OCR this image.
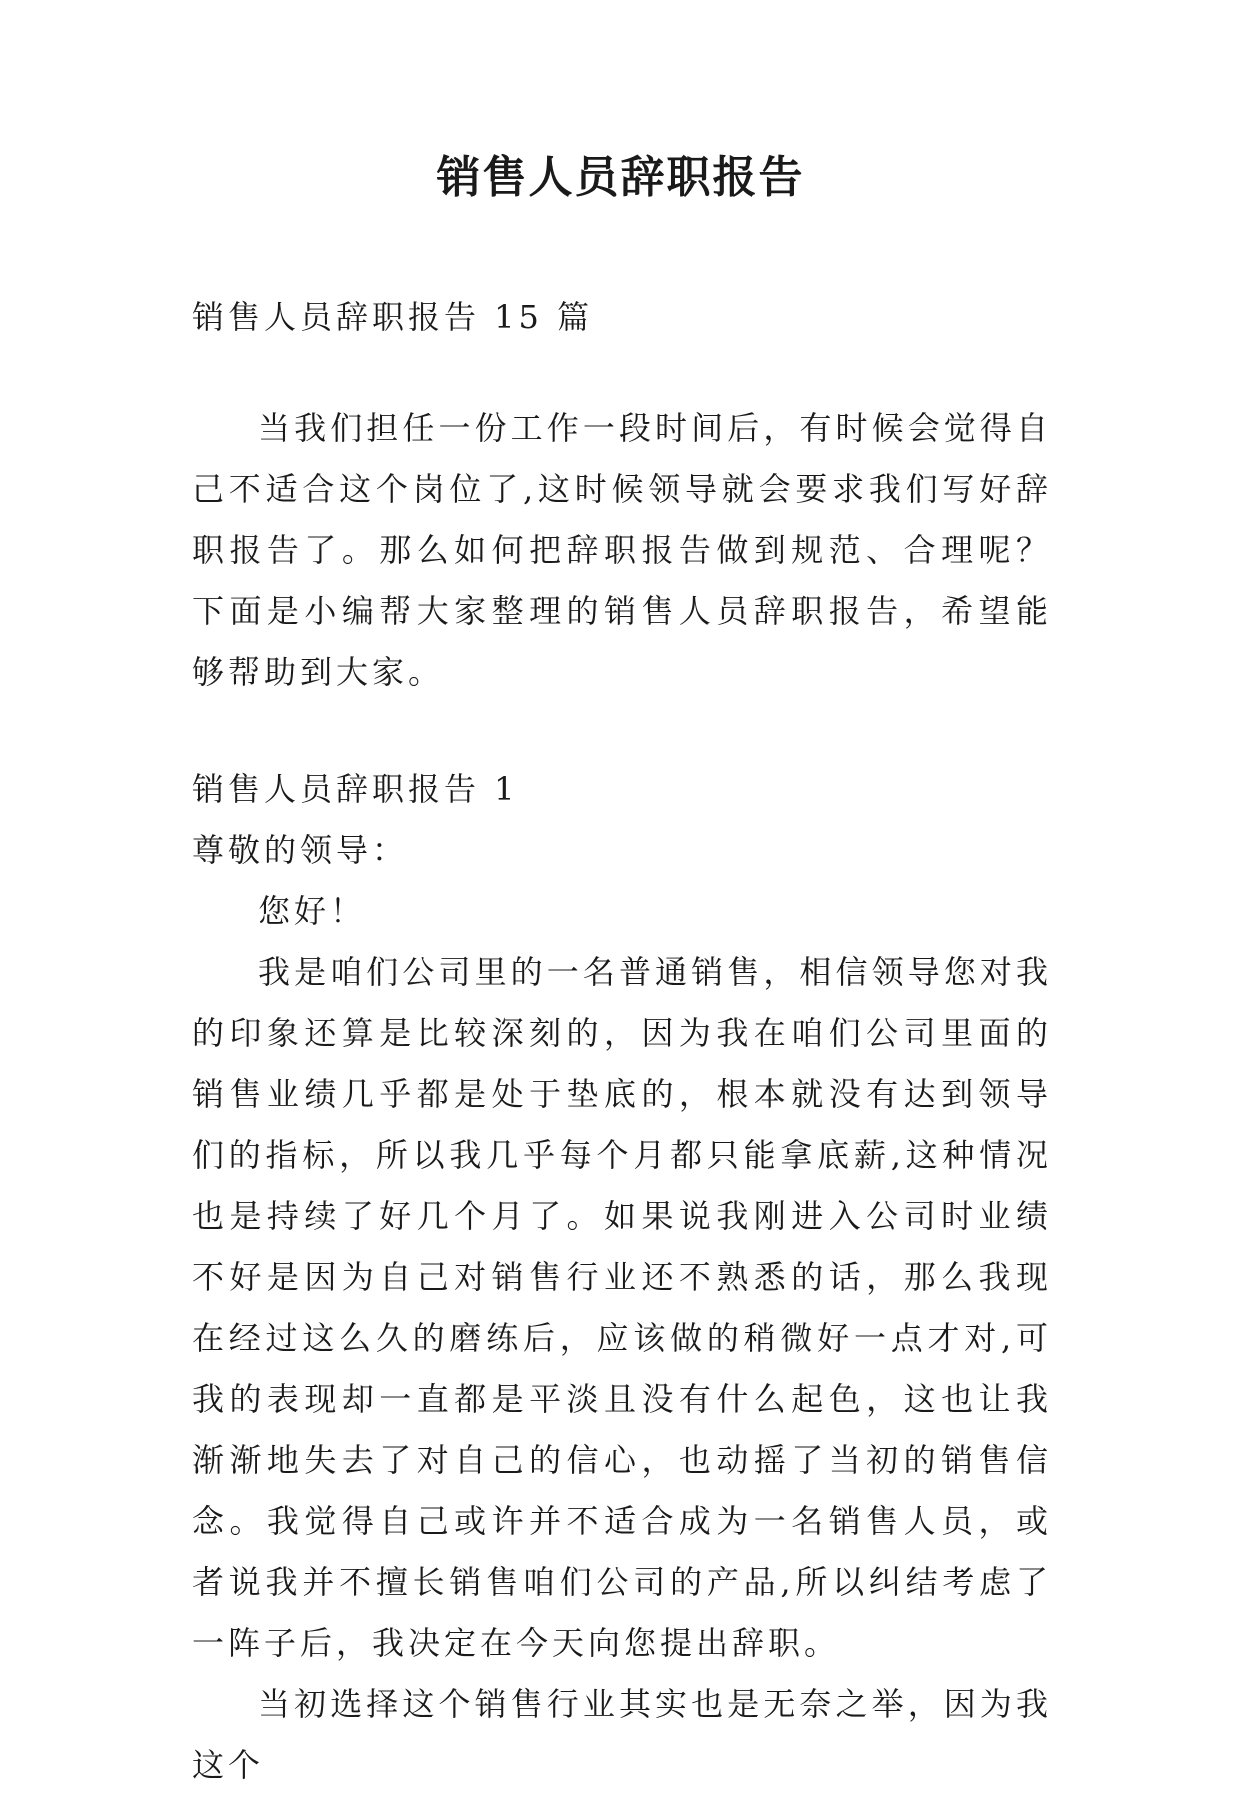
销售人员辞职报告

销售人员辞职报告 15 篇

当我们担任一份工作一段时间后，有时候会觉得自己不适合这个岗位了,这时候领导就会要求我们写好辞职报告了。那么如何把辞职报告做到规范、合理呢？下面是小编帮大家整理的销售人员辞职报告，希望能够帮助到大家。

销售人员辞职报告 1

尊敬的领导：

您好！

我是咱们公司里的一名普通销售，相信领导您对我的印象还算是比较深刻的，因为我在咱们公司里面的销售业绩几乎都是处于垫底的，根本就没有达到领导们的指标，所以我几乎每个月都只能拿底薪,这种情况也是持续了好几个月了。如果说我刚进入公司时业绩不好是因为自己对销售行业还不熟悉的话，那么我现在经过这么久的磨练后，应该做的稍微好一点才对,可我的表现却一直都是平淡且没有什么起色，这也让我渐渐地失去了对自己的信心，也动摇了当初的销售信念。我觉得自己或许并不适合成为一名销售人员，或者说我并不擅长销售咱们公司的产品,所以纠结考虑了一阵子后，我决定在今天向您提出辞职。

当初选择这个销售行业其实也是无奈之举，因为我这个
